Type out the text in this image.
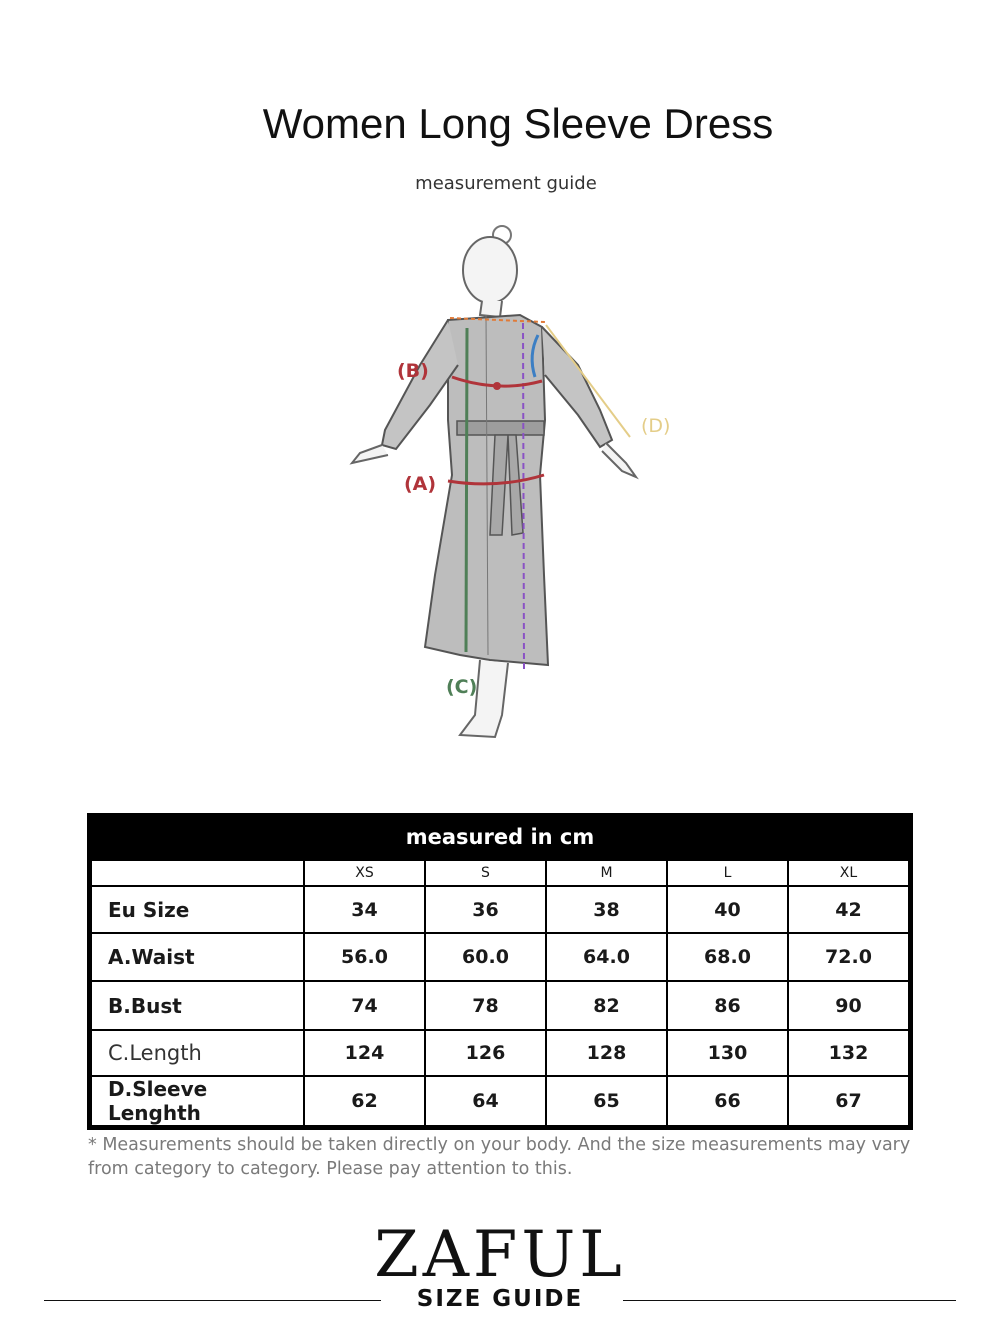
Women Long Sleeve Dress
measurement guide
(B)
(A)
(C)
(D)
measured in cm
	XS	S	M	L	XL
Eu Size	34	36	38	40	42
A.Waist	56.0	60.0	64.0	68.0	72.0
B.Bust	74	78	82	86	90
C.Length	124	126	128	130	132
D.Sleeve Lenghth	62	64	65	66	67
* Measurements should be taken directly on your body. And the size measurements may vary from category to category. Please pay attention to this.
ZAFUL
SIZE GUIDE
